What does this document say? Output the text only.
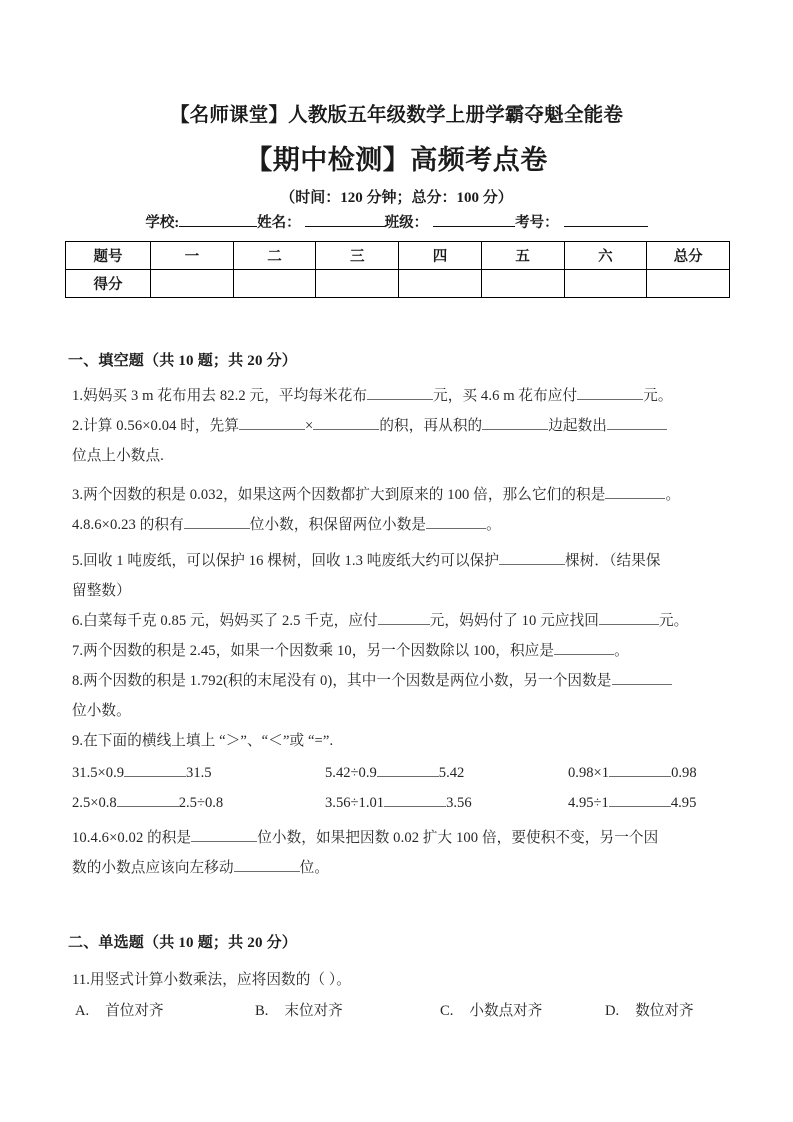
【名师课堂】人教版五年级数学上册学霸夺魁全能卷
【期中检测】高频考点卷
（时间：120 分钟；总分：100 分）
学校:	姓名：	班级：	考号：
题号	一	二	三	四	五	六	总分
得分							
一、填空题（共 10 题；共 20 分）
1.妈妈买 3 m 花布用去 82.2 元，平均每米花布	元，买 4.6 m 花布应付	元。
2.计算 0.56×0.04 时，先算	×	的积，再从积的	边起数出
位点上小数点.
3.两个因数的积是 0.032，如果这两个因数都扩大到原来的 100 倍，那么它们的积是	。
4.8.6×0.23 的积有	位小数，积保留两位小数是	。
5.回收 1 吨废纸，可以保护 16 棵树，回收 1.3 吨废纸大约可以保护	棵树．（结果保
留整数）
6.白菜每千克 0.85 元，妈妈买了 2.5 千克，应付	元，妈妈付了 10 元应找回	元。
7.两个因数的积是 2.45，如果一个因数乘 10，另一个因数除以 100，积应是	。
8.两个因数的积是 1.792(积的末尾没有 0)，其中一个因数是两位小数，另一个因数是
位小数。
9.在下面的横线上填上 “＞”、“＜”或 “=”.
31.5×0.9	31.5	5.42÷0.9	5.42	0.98×1	0.98
2.5×0.8	2.5÷0.8	3.56÷1.01	3.56	4.95÷1	4.95
10.4.6×0.02 的积是	位小数，如果把因数 0.02 扩大 100 倍，要使积不变，另一个因
数的小数点应该向左移动	位。
二、单选题（共 10 题；共 20 分）
11.用竖式计算小数乘法，应将因数的（ ）。
A. 首位对齐	B. 末位对齐	C. 小数点对齐	D. 数位对齐
